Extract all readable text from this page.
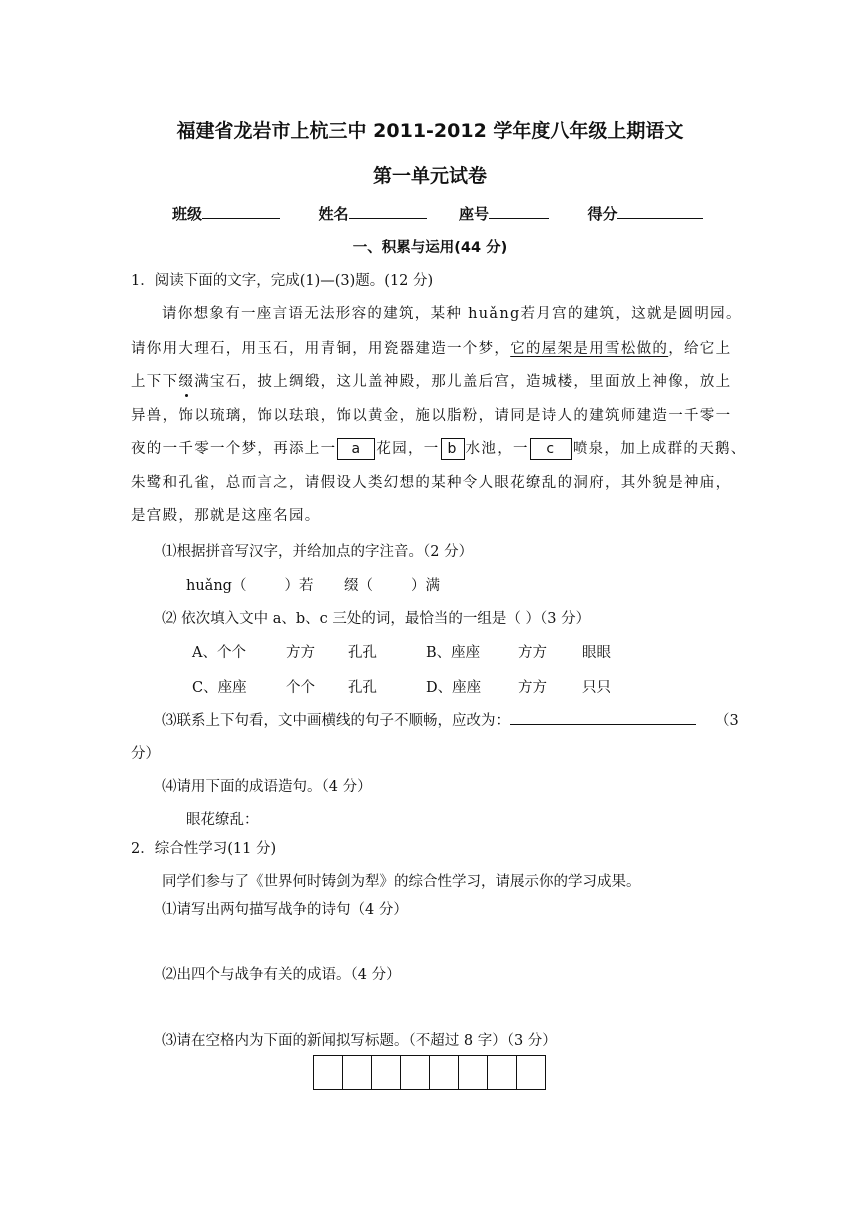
福建省龙岩市上杭三中 2011-2012 学年度八年级上期语文
第一单元试卷
班级	姓名	座号	得分
一、积累与运用(44 分)
1．阅读下面的文字，完成(1)—(3)题。(12 分)
请你想象有一座言语无法形容的建筑，某种 huǎng若月宫的建筑，这就是圆明园。
请你用大理石，用玉石，用青铜，用瓷器建造一个梦，它的屋架是用雪松做的，给它上
上下下缀满宝石，披上绸缎，这儿盖神殿，那儿盖后宫，造城楼，里面放上神像，放上
异兽，饰以琉璃，饰以珐琅，饰以黄金，施以脂粉，请同是诗人的建筑师建造一千零一
夜的一千零一个梦，再添上一 a 花园，一 b 水池，一 c 喷泉，加上成群的天鹅、
朱鹭和孔雀，总而言之，请假设人类幻想的某种令人眼花缭乱的洞府，其外貌是神庙，
是宫殿，那就是这座名园。
⑴根据拼音写汉字，并给加点的字注音。（2 分）
huǎng（	）若 缀（	）满
⑵ 依次填入文中 a、b、c 三处的词，最恰当的一组是（ ）（3 分）
A、个个	方方 孔孔	B、座座	方方 眼眼
C、座座	个个 孔孔	D、座座	方方 只只
⑶联系上下句看，文中画横线的句子不顺畅，应改为：	（3
分）
⑷请用下面的成语造句。（4 分）
眼花缭乱：
2．综合性学习(11 分)
同学们参与了《世界何时铸剑为犁》的综合性学习，请展示你的学习成果。
⑴请写出两句描写战争的诗句（4 分）
⑵出四个与战争有关的成语。（4 分）
⑶请在空格内为下面的新闻拟写标题。（不超过 8 字）（3 分）
